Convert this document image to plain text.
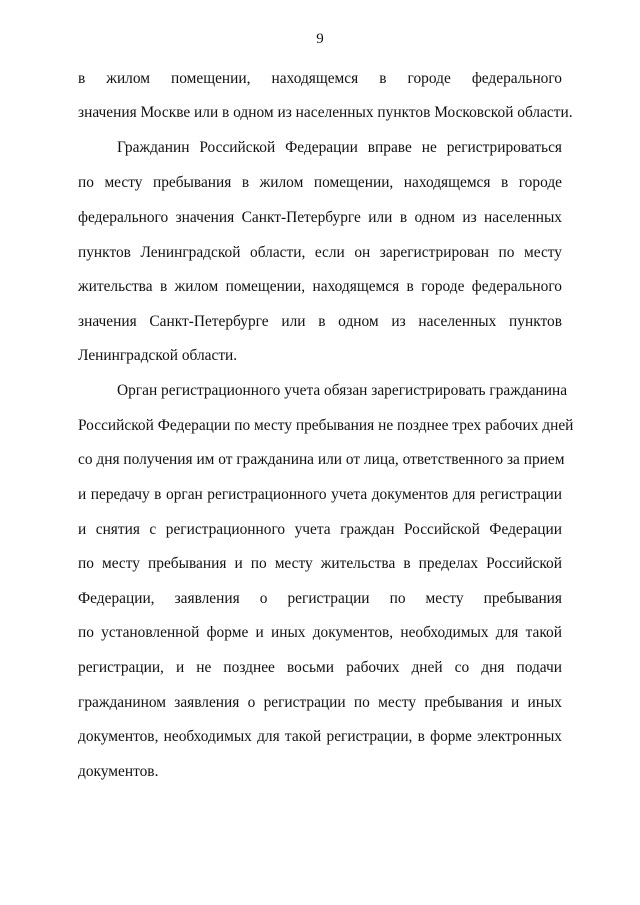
9
в жилом помещении, находящемся в городе федерального
значения Москве или в одном из населенных пунктов Московской области.
Гражданин Российской Федерации вправе не регистрироваться
по месту пребывания в жилом помещении, находящемся в городе
федерального значения Санкт-Петербурге или в одном из населенных
пунктов Ленинградской области, если он зарегистрирован по месту
жительства в жилом помещении, находящемся в городе федерального
значения Санкт-Петербурге или в одном из населенных пунктов
Ленинградской области.
Орган регистрационного учета обязан зарегистрировать гражданина
Российской Федерации по месту пребывания не позднее трех рабочих дней
со дня получения им от гражданина или от лица, ответственного за прием
и передачу в орган регистрационного учета документов для регистрации
и снятия с регистрационного учета граждан Российской Федерации
по месту пребывания и по месту жительства в пределах Российской
Федерации, заявления о регистрации по месту пребывания
по установленной форме и иных документов, необходимых для такой
регистрации, и не позднее восьми рабочих дней со дня подачи
гражданином заявления о регистрации по месту пребывания и иных
документов, необходимых для такой регистрации, в форме электронных
документов.
